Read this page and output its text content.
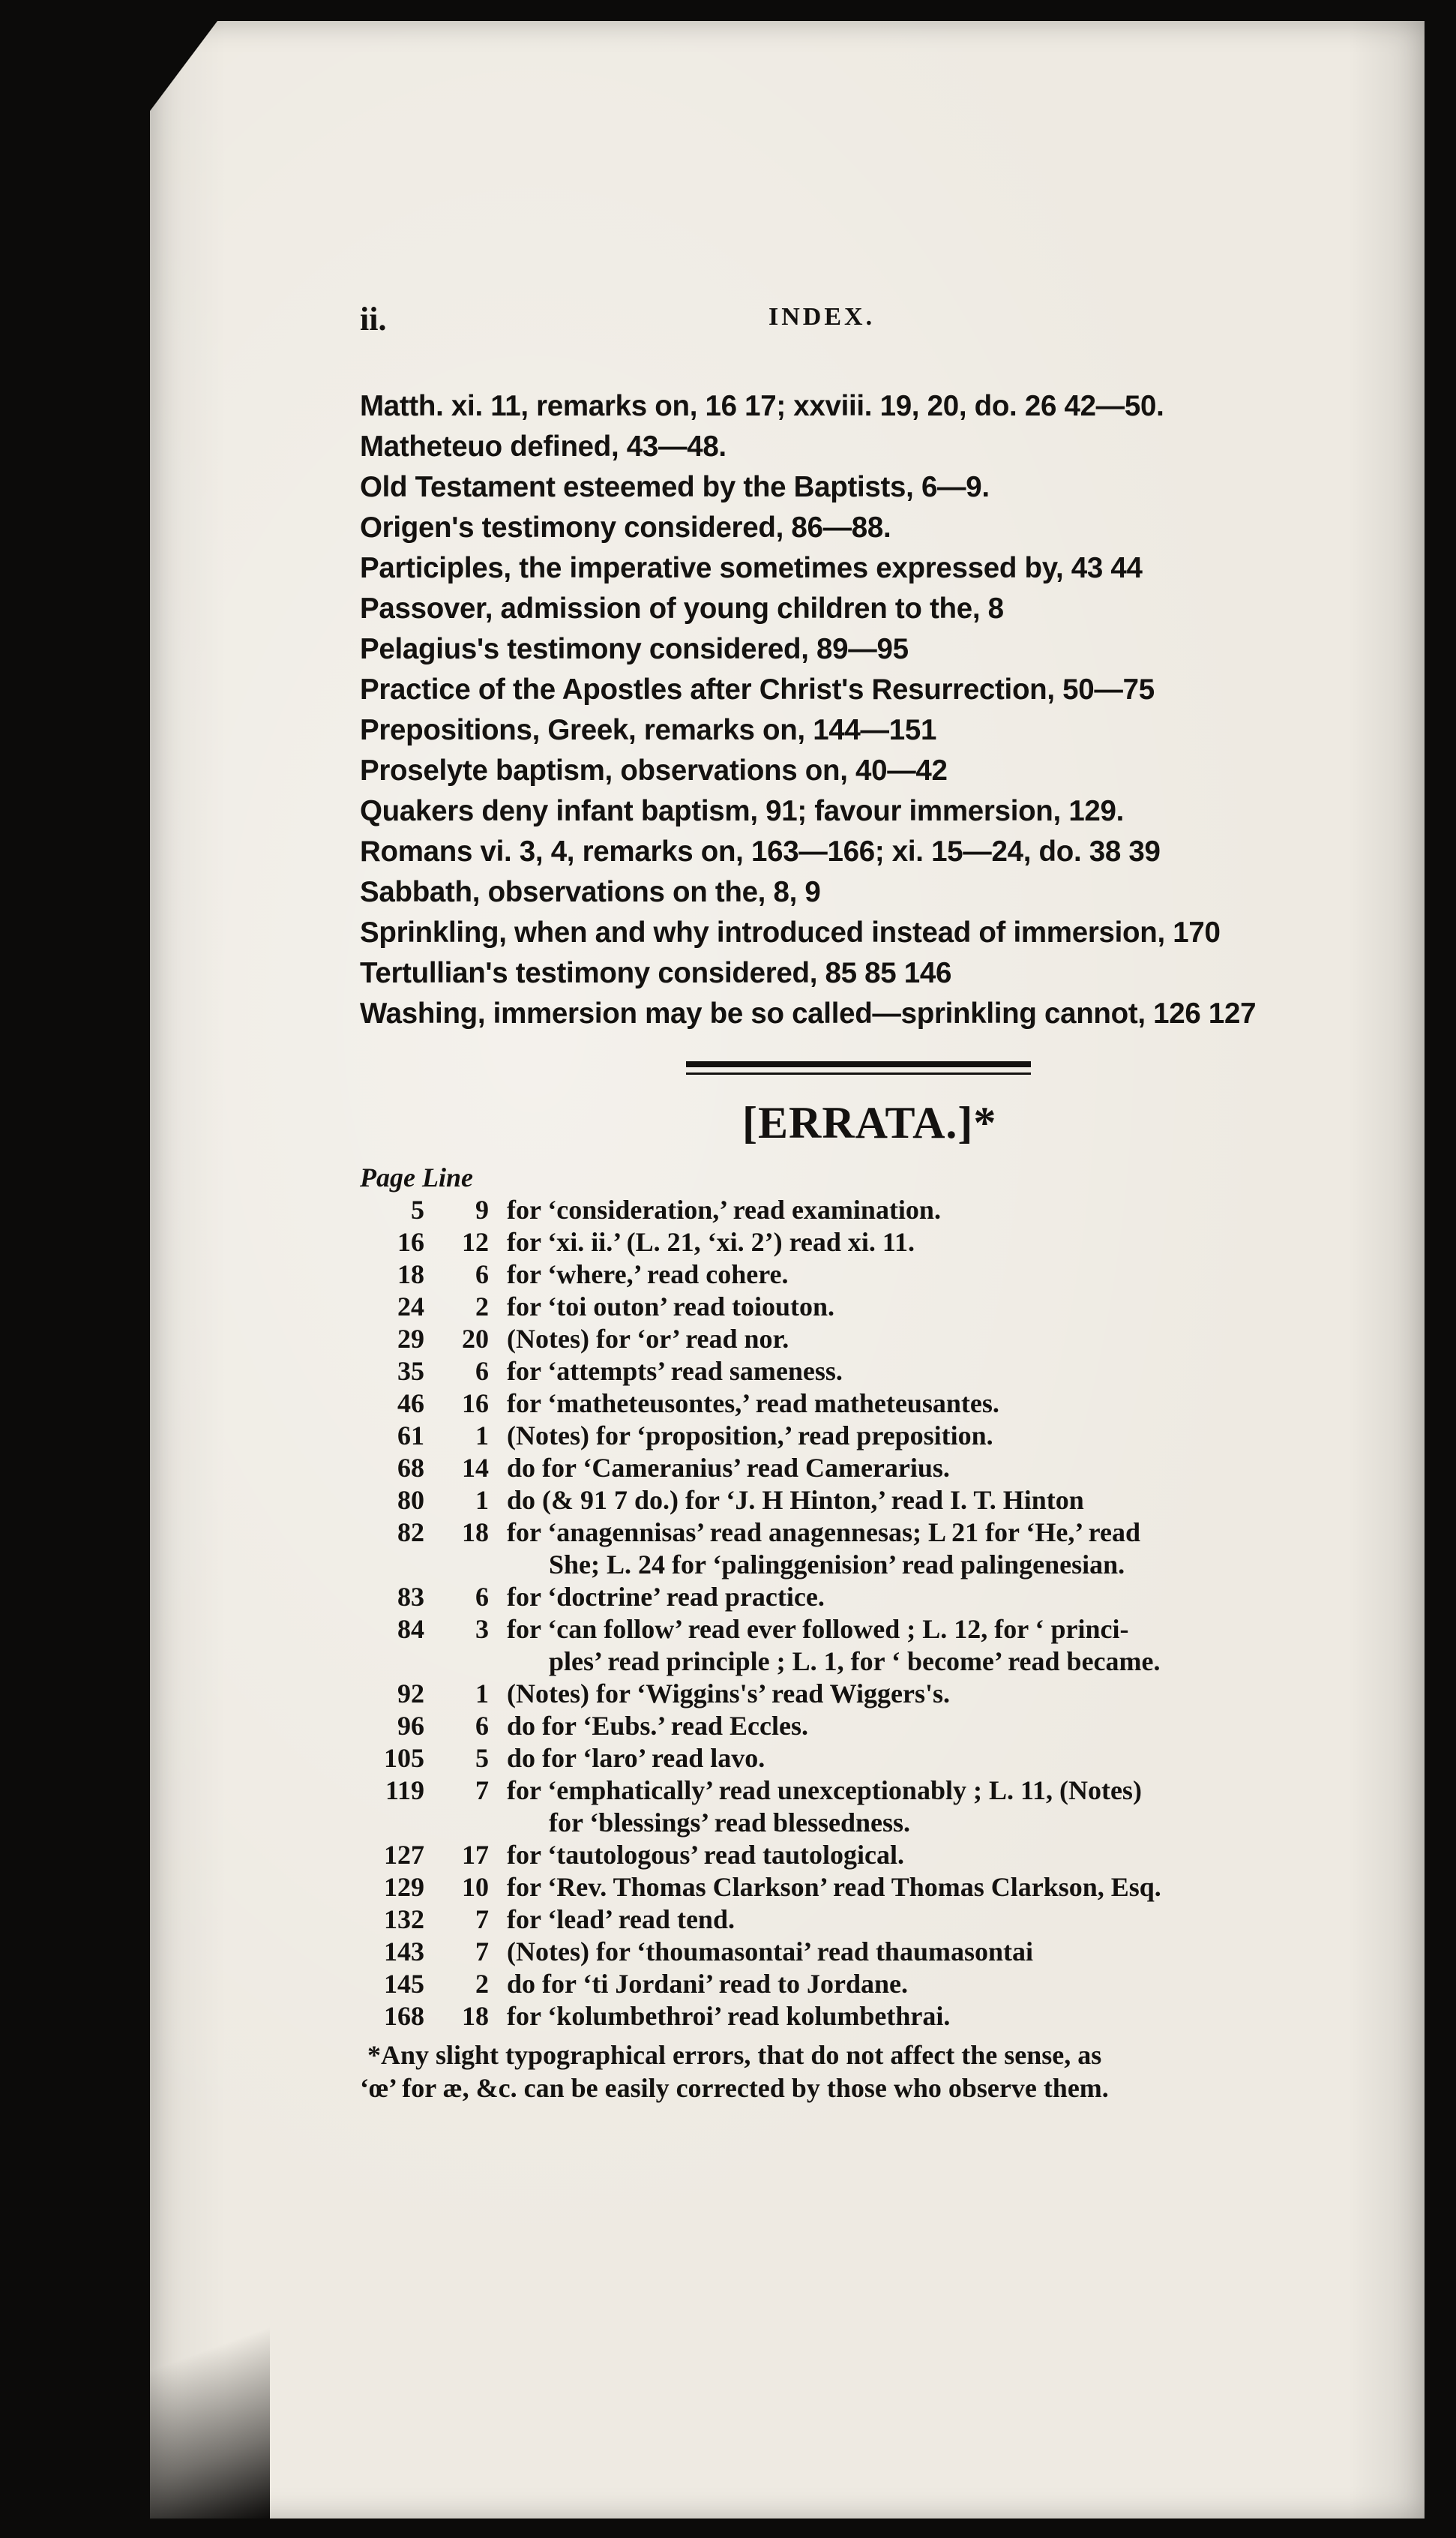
ii.	INDEX.
Matth. xi. 11, remarks on, 16 17; xxviii. 19, 20, do. 26 42—50.
Matheteuo defined, 43—48.
Old Testament esteemed by the Baptists, 6—9.
Origen's testimony considered, 86—88.
Participles, the imperative sometimes expressed by, 43 44
Passover, admission of young children to the, 8
Pelagius's testimony considered, 89—95
Practice of the Apostles after Christ's Resurrection, 50—75
Prepositions, Greek, remarks on, 144—151
Proselyte baptism, observations on, 40—42
Quakers deny infant baptism, 91; favour immersion, 129.
Romans vi. 3, 4, remarks on, 163—166; xi. 15—24, do. 38 39
Sabbath, observations on the, 8, 9
Sprinkling, when and why introduced instead of immersion, 170
Tertullian's testimony considered, 85 85 146
Washing, immersion may be so called—sprinkling cannot, 126 127
[ERRATA.]*
Page Line
5	9 for ‘consideration,’ read examination.
16	12 for ‘xi. ii.’ (L. 21, ‘xi. 2’) read xi. 11.
18	6 for ‘where,’ read cohere.
24	2 for ‘toi outon’ read toiouton.
29	20 (Notes) for ‘or’ read nor.
35	6 for ‘attempts’ read sameness.
46	16 for ‘matheteusontes,’ read matheteusantes.
61	1 (Notes) for ‘proposition,’ read preposition.
68	14 do for ‘Cameranius’ read Camerarius.
80	1 do (& 91 7 do.) for ‘J. H Hinton,’ read I. T. Hinton
82	18 for ‘anagennisas’ read anagennesas; L 21 for ‘He,’ read
She; L. 24 for ‘palinggenision’ read palingenesian.
83	6 for ‘doctrine’ read practice.
84	3 for ‘can follow’ read ever followed ; L. 12, for ‘ princi-
ples’ read principle ; L. 1, for ‘ become’ read became.
92	1 (Notes) for ‘Wiggins's’ read Wiggers's.
96	6 do for ‘Eubs.’ read Eccles.
105	5 do for ‘laro’ read lavo.
119	7 for ‘emphatically’ read unexceptionably ; L. 11, (Notes)
for ‘blessings’ read blessedness.
127	17 for ‘tautologous’ read tautological.
129	10 for ‘Rev. Thomas Clarkson’ read Thomas Clarkson, Esq.
132	7 for ‘lead’ read tend.
143	7 (Notes) for ‘thoumasontai’ read thaumasontai
145	2 do for ‘ti Jordani’ read to Jordane.
168	18 for ‘kolumbethroi’ read kolumbethrai.
*Any slight typographical errors, that do not affect the sense, as
‘œ’ for æ, &c. can be easily corrected by those who observe them.
